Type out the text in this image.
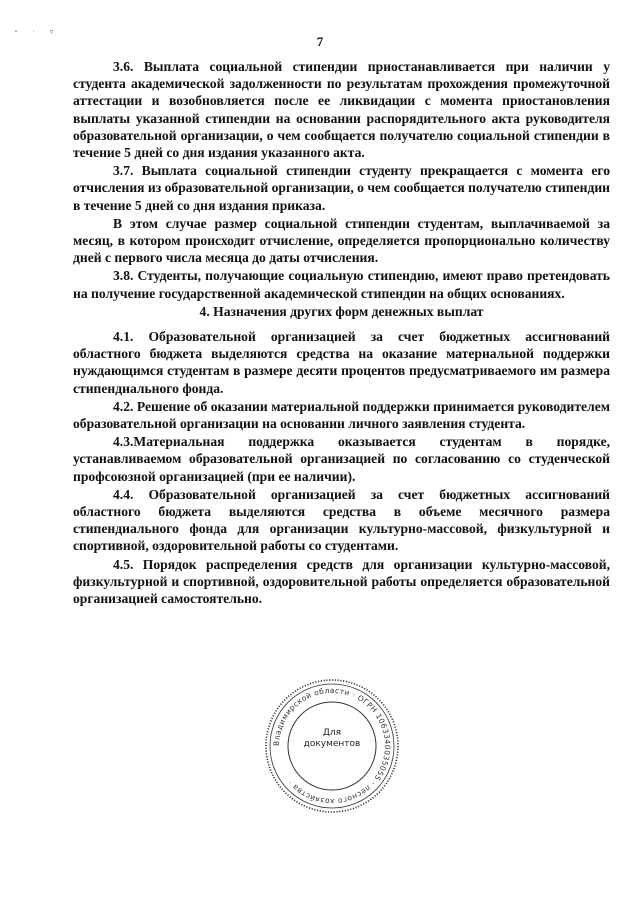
⁃ · ▿
7

3.6. Выплата социальной стипендии приостанавливается при наличии у студента академической задолженности по результатам прохождения промежуточной аттестации и возобновляется после ее ликвидации с момента приостановления выплаты указанной стипендии на основании распорядительного акта руководителя образовательной организации, о чем сообщается получателю социальной стипендии в течение 5 дней со дня издания указанного акта.

3.7. Выплата социальной стипендии студенту прекращается с момента его отчисления из образовательной организации, о чем сообщается получателю стипендии в течение 5 дней со дня издания приказа.

В этом случае размер социальной стипендии студентам, выплачиваемой за месяц, в котором происходит отчисление, определяется пропорционально количеству дней с первого числа месяца до даты отчисления.

3.8. Студенты, получающие социальную стипендию, имеют право претендовать на получение государственной академической стипендии на общих основаниях.

4. Назначения других форм денежных выплат

4.1. Образовательной организацией за счет бюджетных ассигнований областного бюджета выделяются средства на оказание материальной поддержки нуждающимся студентам в размере десяти процентов предусматриваемого им размера стипендиального фонда.

4.2. Решение об оказании материальной поддержки принимается руководителем образовательной организации на основании личного заявления студента.

4.3.Материальная поддержка оказывается студентам в порядке, устанавливаемом образовательной организацией по согласованию со студенческой профсоюзной организацией (при ее наличии).

4.4. Образовательной организацией за счет бюджетных ассигнований областного бюджета выделяются средства в объеме месячного размера стипендиального фонда для организации культурно-массовой, физкультурной и спортивной, оздоровительной работы со студентами.

4.5. Порядок распределения средств для организации культурно-массовой, физкультурной и спортивной, оздоровительной работы определяется образовательной организацией самостоятельно.

Владимирской области · ОГРН 1063340035055 · лесного хозяйства ·
Для
документов
